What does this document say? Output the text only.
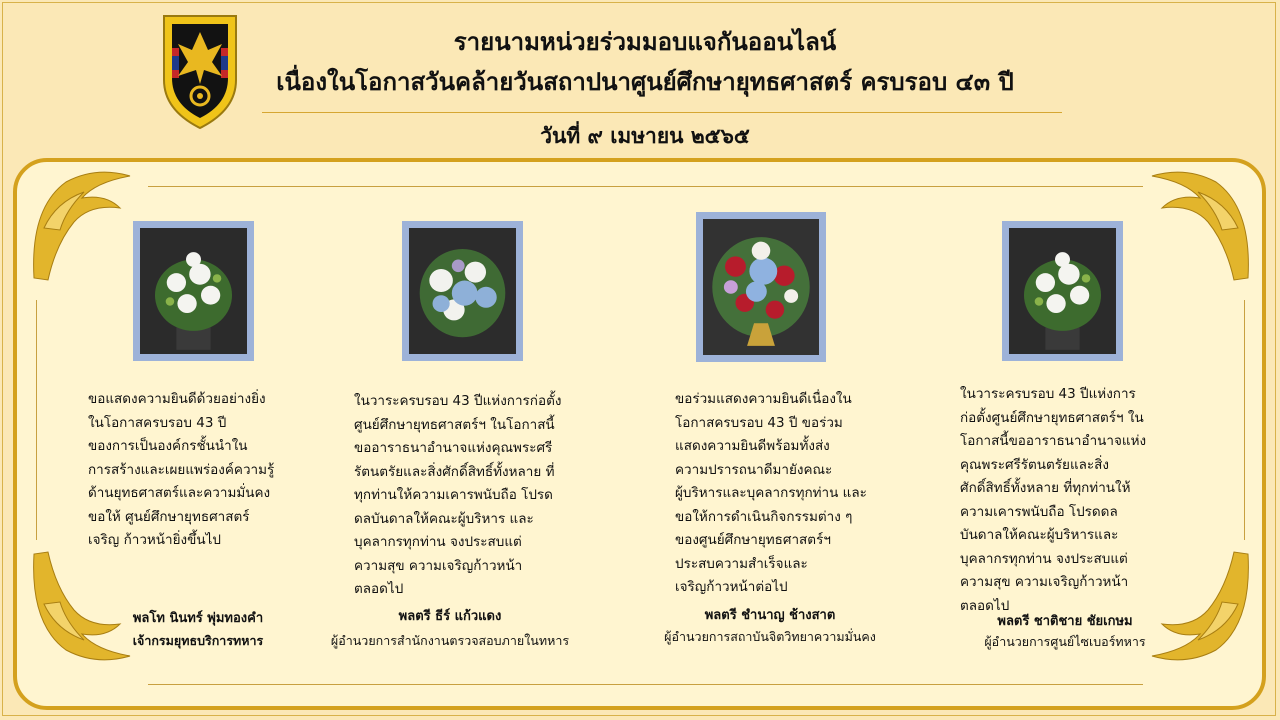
รายนามหน่วยร่วมมอบแจกันออนไลน์
เนื่องในโอกาสวันคล้ายวันสถาปนาศูนย์ศึกษายุทธศาสตร์ ครบรอบ ๔๓ ปี
วันที่ ๙ เมษายน ๒๕๖๕
ขอแสดงความยินดีด้วยอย่างยิ่ง
ในโอกาสครบรอบ 43 ปี
ของการเป็นองค์กรชั้นนำใน
การสร้างและเผยแพร่องค์ความรู้
ด้านยุทธศาสตร์และความมั่นคง
ขอให้ ศูนย์ศึกษายุทธศาสตร์
เจริญ ก้าวหน้ายิ่งขึ้นไป
ในวาระครบรอบ 43 ปีแห่งการก่อตั้ง
ศูนย์ศึกษายุทธศาสตร์ฯ ในโอกาสนี้
ขออาราธนาอำนาจแห่งคุณพระศรี
รัตนตรัยและสิ่งศักดิ์สิทธิ์ทั้งหลาย ที่
ทุกท่านให้ความเคารพนับถือ โปรด
ดลบันดาลให้คณะผู้บริหาร และ
บุคลากรทุกท่าน จงประสบแต่
ความสุข ความเจริญก้าวหน้า
ตลอดไป
ขอร่วมแสดงความยินดีเนื่องใน
โอกาสครบรอบ 43 ปี ขอร่วม
แสดงความยินดีพร้อมทั้งส่ง
ความปรารถนาดีมายังคณะ
ผู้บริหารและบุคลากรทุกท่าน และ
ขอให้การดำเนินกิจกรรมต่าง ๆ
ของศูนย์ศึกษายุทธศาสตร์ฯ
ประสบความสำเร็จและ
เจริญก้าวหน้าต่อไป
ในวาระครบรอบ 43 ปีแห่งการ
ก่อตั้งศูนย์ศึกษายุทธศาสตร์ฯ ใน
โอกาสนี้ขออาราธนาอำนาจแห่ง
คุณพระศรีรัตนตรัยและสิ่ง
ศักดิ์สิทธิ์ทั้งหลาย ที่ทุกท่านให้
ความเคารพนับถือ โปรดดล
บันดาลให้คณะผู้บริหารและ
บุคลากรทุกท่าน จงประสบแต่
ความสุข ความเจริญก้าวหน้า
ตลอดไป
พลโท นินทร์ พุ่มทองคำ
เจ้ากรมยุทธบริการทหาร
พลตรี ธีร์ แก้วแดง
ผู้อำนวยการสำนักงานตรวจสอบภายในทหาร
พลตรี ชำนาญ ช้างสาต
ผู้อำนวยการสถาบันจิตวิทยาความมั่นคง
พลตรี ชาติชาย ชัยเกษม
ผู้อำนวยการศูนย์ไซเบอร์ทหาร
